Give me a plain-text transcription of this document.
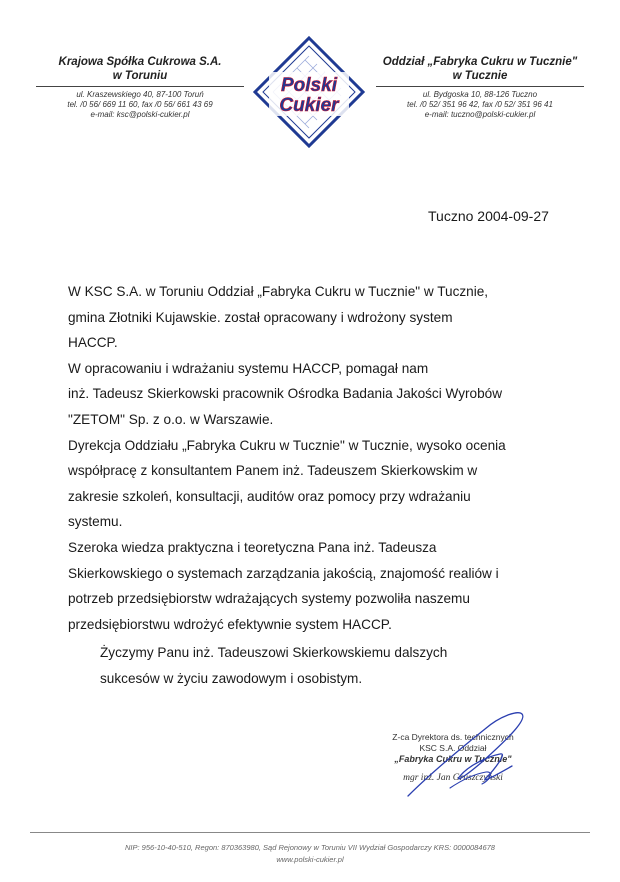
Krajowa Spółka Cukrowa S.A.
w Toruniu
ul. Kraszewskiego 40, 87-100 Toruń
tel. /0 56/ 669 11 60, fax /0 56/ 661 43 69
e-mail: ksc@polski-cukier.pl
Polski
Cukier
Oddział „Fabryka Cukru w Tucznie"
w Tucznie
ul. Bydgoska 10, 88-126 Tuczno
tel. /0 52/ 351 96 42, fax /0 52/ 351 96 41
e-mail: tuczno@polski-cukier.pl
Tuczno 2004-09-27

W KSC S.A. w Toruniu Oddział „Fabryka Cukru w Tucznie" w Tucznie,

gmina Złotniki Kujawskie. został opracowany i wdrożony system

HACCP.

W opracowaniu i wdrażaniu systemu HACCP, pomagał nam

inż. Tadeusz Skierkowski pracownik Ośrodka Badania Jakości Wyrobów

"ZETOM" Sp. z o.o. w Warszawie.

Dyrekcja Oddziału „Fabryka Cukru w Tucznie" w Tucznie, wysoko ocenia

współpracę z konsultantem Panem inż. Tadeuszem Skierkowskim w

zakresie szkoleń, konsultacji, auditów oraz pomocy przy wdrażaniu

systemu.

Szeroka wiedza praktyczna i teoretyczna Pana inż. Tadeusza

Skierkowskiego o systemach zarządzania jakością, znajomość realiów i

potrzeb przedsiębiorstw wdrażających systemy pozwoliła naszemu

przedsiębiorstwu wdrożyć efektywnie system HACCP.

Życzymy Panu inż. Tadeuszowi Skierkowskiemu dalszych

sukcesów w życiu zawodowym i osobistym.

Z-ca Dyrektora ds. technicznych
KSC S.A. Oddział
„Fabryka Cukru w Tucznie"
mgr inż. Jan Gruszczyński
NIP: 956-10-40-510, Regon: 870363980, Sąd Rejonowy w Toruniu VII Wydział Gospodarczy KRS: 0000084678
www.polski-cukier.pl
